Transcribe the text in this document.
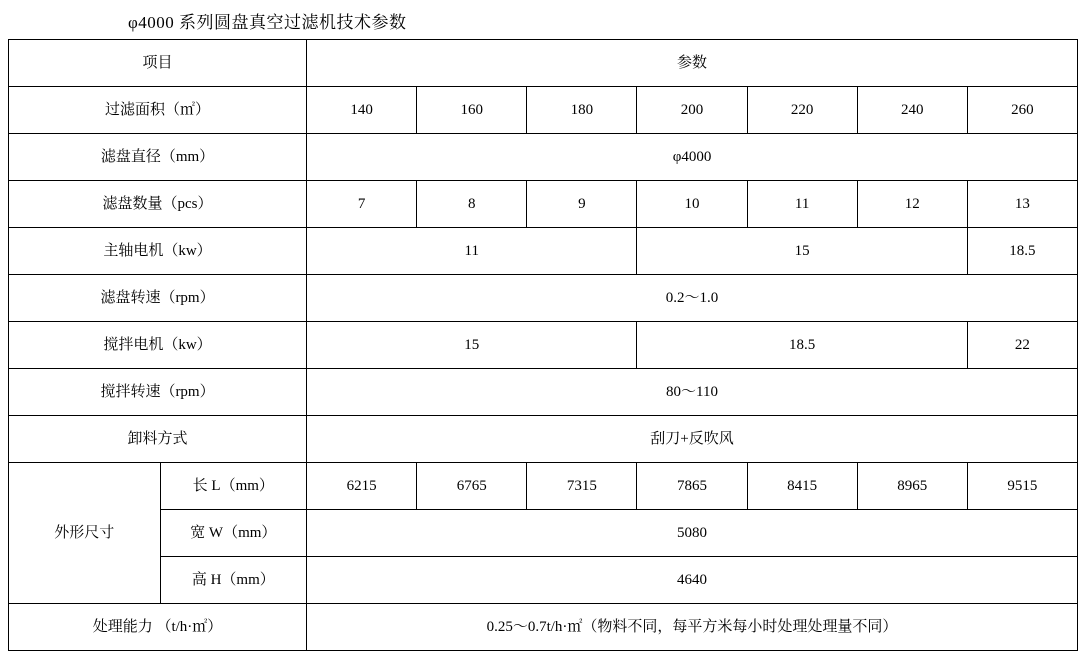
φ4000 系列圆盘真空过滤机技术参数
项目		参数						
过滤面积（㎡）		140	160	180	200	220	240	260
滤盘直径（mm）		φ4000						
滤盘数量（pcs）		7	8	9	10	11	12	13
主轴电机（kw）		11			15			18.5
滤盘转速（rpm）		0.2～1.0						
搅拌电机（kw）		15			18.5			22
搅拌转速（rpm）		80～110						
卸料方式		刮刀+反吹风						
外形尺寸	长 L（mm）	6215	6765	7315	7865	8415	8965	9515
	宽 W（mm）	5080						
	高 H（mm）	4640						
处理能力 （t/h·㎡）		0.25～0.7t/h·㎡（物料不同，每平方米每小时处理处理量不同）						
